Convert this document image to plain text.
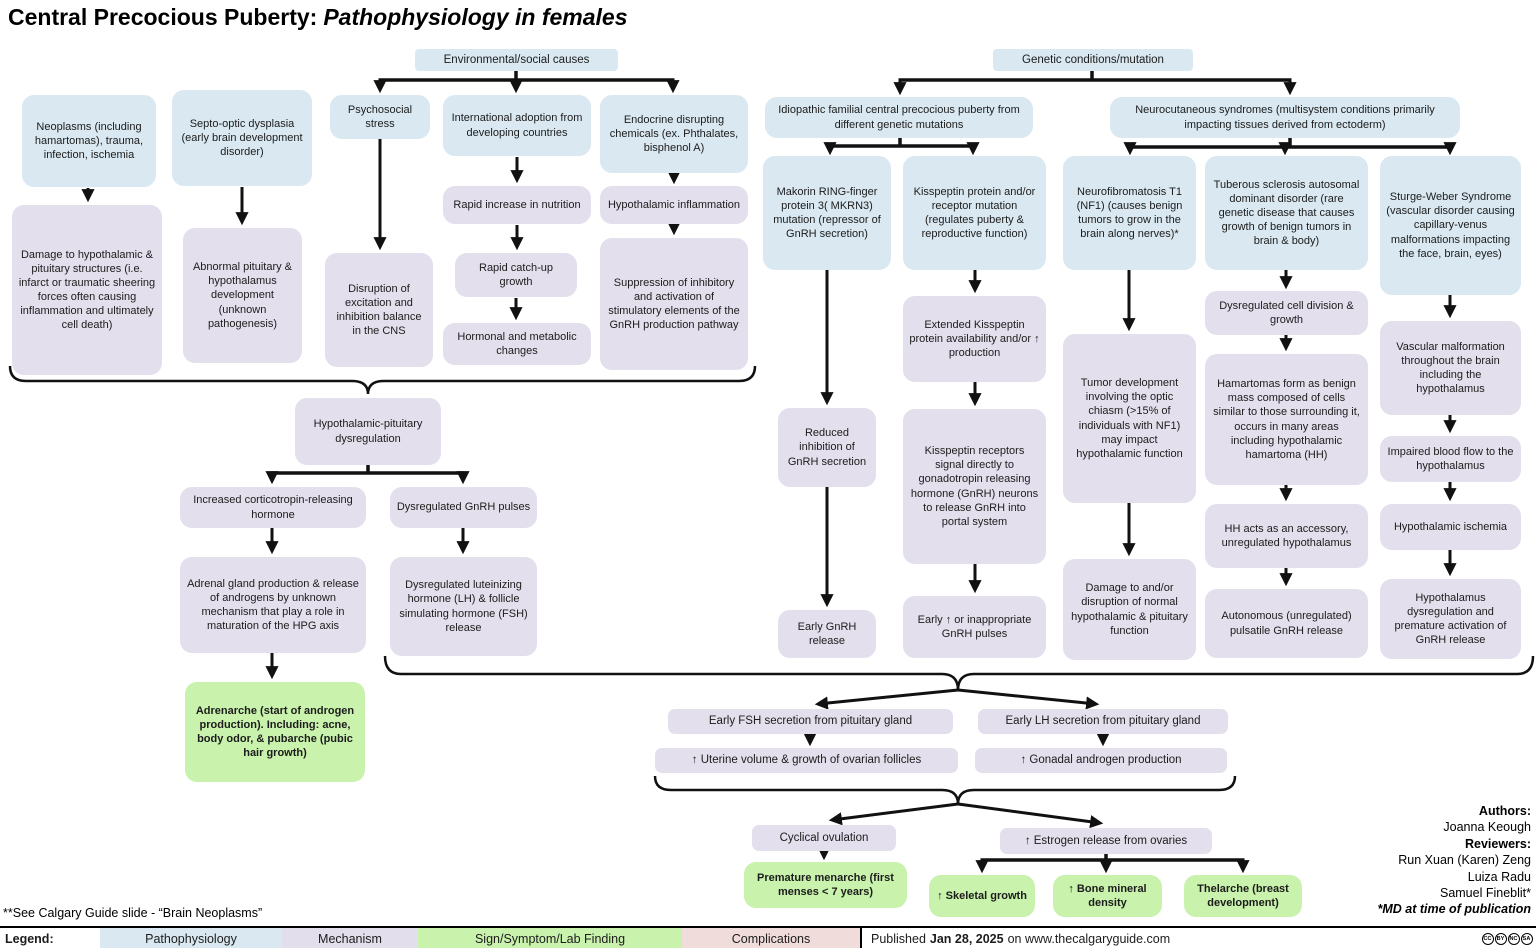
Central Precocious Puberty: Pathophysiology in females
Environmental/social causes	Genetic conditions/mutation
Neoplasms (including hamartomas), trauma, infection, ischemia
Septo-optic dysplasia (early brain development disorder)
Psychosocial stress	International adoption from developing countries
Endocrine disrupting chemicals (ex. Phthalates, bisphenol A)
Damage to hypothalamic & pituitary structures (i.e. infarct or traumatic sheering forces often causing inflammation and ultimately cell death)
Abnormal pituitary & hypothalamus development (unknown pathogenesis)
Disruption of excitation and inhibition balance in the CNS
Rapid increase in nutrition
Rapid catch-up growth
Hormonal and metabolic changes
Hypothalamic inflammation
Suppression of inhibitory and activation of stimulatory elements of the GnRH production pathway
Hypothalamic-pituitary dysregulation
Increased corticotropin-releasing hormone
Dysregulated GnRH pulses
Adrenal gland production & release of androgens by unknown mechanism that play a role in maturation of the HPG axis
Dysregulated luteinizing hormone (LH) & follicle simulating hormone (FSH) release
Adrenarche (start of androgen production). Including: acne, body odor, & pubarche (pubic hair growth)
Idiopathic familial central precocious puberty from different genetic mutations
Neurocutaneous syndromes (multisystem conditions primarily impacting tissues derived from ectoderm)
Makorin RING-finger protein 3( MKRN3) mutation (repressor of GnRH secretion)
Kisspeptin protein and/or receptor mutation (regulates puberty & reproductive function)
Extended Kisspeptin protein availability and/or ↑ production
Reduced inhibition of GnRH secretion
Kisspeptin receptors signal directly to gonadotropin releasing hormone (GnRH) neurons to release GnRH into portal system
Early GnRH release
Early ↑ or inappropriate GnRH pulses
Neurofibromatosis T1 (NF1) (causes benign tumors to grow in the brain along nerves)*
Tumor development involving the optic chiasm (>15% of individuals with NF1) may impact hypothalamic function
Damage to and/or disruption of normal hypothalamic & pituitary function
Tuberous sclerosis autosomal dominant disorder (rare genetic disease that causes growth of benign tumors in brain & body)
Dysregulated cell division & growth
Hamartomas form as benign mass composed of cells similar to those surrounding it, occurs in many areas including hypothalamic hamartoma (HH)
HH acts as an accessory, unregulated hypothalamus
Autonomous (unregulated) pulsatile GnRH release
Sturge-Weber Syndrome (vascular disorder causing capillary-venus malformations impacting the face, brain, eyes)
Vascular malformation throughout the brain including the hypothalamus
Impaired blood flow to the hypothalamus
Hypothalamic ischemia
Hypothalamus dysregulation and premature activation of GnRH release
Early FSH secretion from pituitary gland	Early LH secretion from pituitary gland
↑ Uterine volume & growth of ovarian follicles	↑ Gonadal androgen production
Cyclical ovulation	↑ Estrogen release from ovaries
Premature menarche (first menses < 7 years)	↑ Skeletal growth
↑ Bone mineral density
Thelarche (breast development)
**See Calgary Guide slide - “Brain Neoplasms”
Authors:
Joanna Keough
Reviewers:
Run Xuan (Karen) Zeng
Luiza Radu
Samuel Fineblit*
*MD at time of publication
Legend:	Pathophysiology	Mechanism	Sign/Symptom/Lab Finding	Complications	Published Jan 28, 2025 on www.thecalgaryguide.com	CC BY NC SA
